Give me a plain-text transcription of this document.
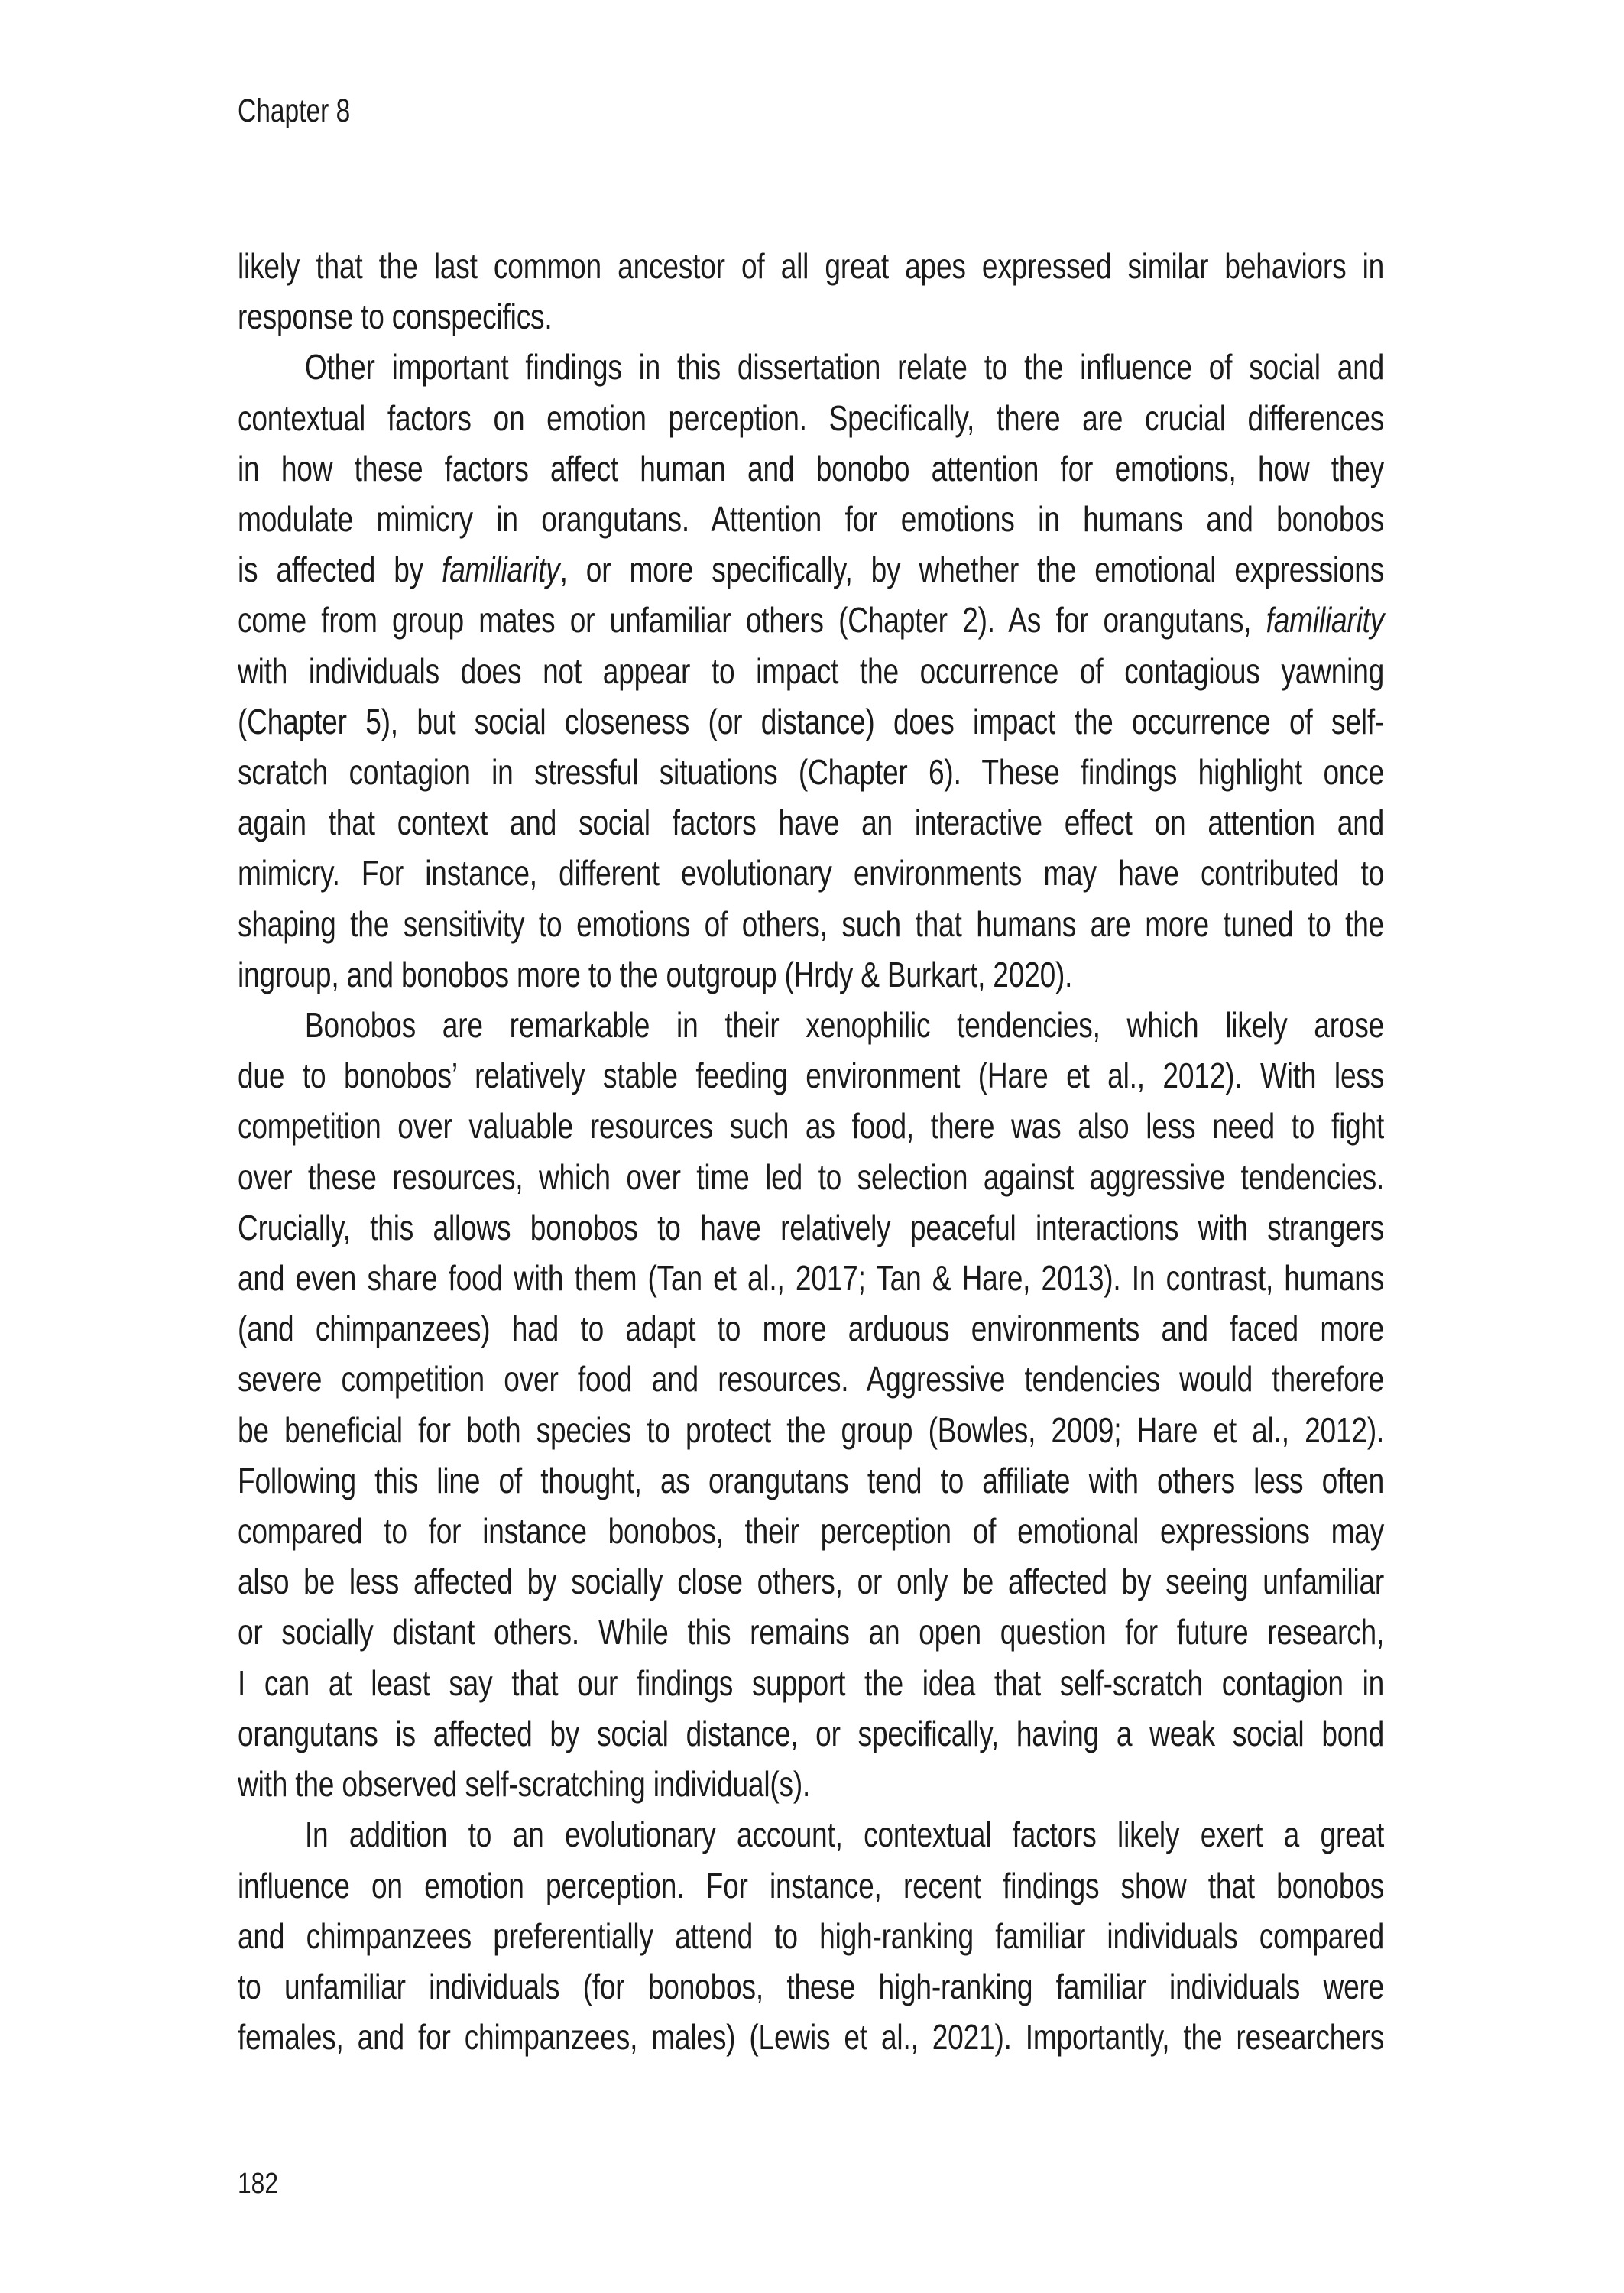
Chapter 8
likely that the last common ancestor of all great apes expressed similar behaviors in
response to conspecifics.
Other important findings in this dissertation relate to the influence of social and
contextual factors on emotion perception. Specifically, there are crucial differences
in how these factors affect human and bonobo attention for emotions, how they
modulate mimicry in orangutans. Attention for emotions in humans and bonobos
is affected by familiarity, or more specifically, by whether the emotional expressions
come from group mates or unfamiliar others (Chapter 2). As for orangutans, familiarity
with individuals does not appear to impact the occurrence of contagious yawning
(Chapter 5), but social closeness (or distance) does impact the occurrence of self-
scratch contagion in stressful situations (Chapter 6). These findings highlight once
again that context and social factors have an interactive effect on attention and
mimicry. For instance, different evolutionary environments may have contributed to
shaping the sensitivity to emotions of others, such that humans are more tuned to the
ingroup, and bonobos more to the outgroup (Hrdy & Burkart, 2020).
Bonobos are remarkable in their xenophilic tendencies, which likely arose
due to bonobos’ relatively stable feeding environment (Hare et al., 2012). With less
competition over valuable resources such as food, there was also less need to fight
over these resources, which over time led to selection against aggressive tendencies.
Crucially, this allows bonobos to have relatively peaceful interactions with strangers
and even share food with them (Tan et al., 2017; Tan & Hare, 2013). In contrast, humans
(and chimpanzees) had to adapt to more arduous environments and faced more
severe competition over food and resources. Aggressive tendencies would therefore
be beneficial for both species to protect the group (Bowles, 2009; Hare et al., 2012).
Following this line of thought, as orangutans tend to affiliate with others less often
compared to for instance bonobos, their perception of emotional expressions may
also be less affected by socially close others, or only be affected by seeing unfamiliar
or socially distant others. While this remains an open question for future research,
I can at least say that our findings support the idea that self-scratch contagion in
orangutans is affected by social distance, or specifically, having a weak social bond
with the observed self-scratching individual(s).
In addition to an evolutionary account, contextual factors likely exert a great
influence on emotion perception. For instance, recent findings show that bonobos
and chimpanzees preferentially attend to high-ranking familiar individuals compared
to unfamiliar individuals (for bonobos, these high-ranking familiar individuals were
females, and for chimpanzees, males) (Lewis et al., 2021). Importantly, the researchers
182
